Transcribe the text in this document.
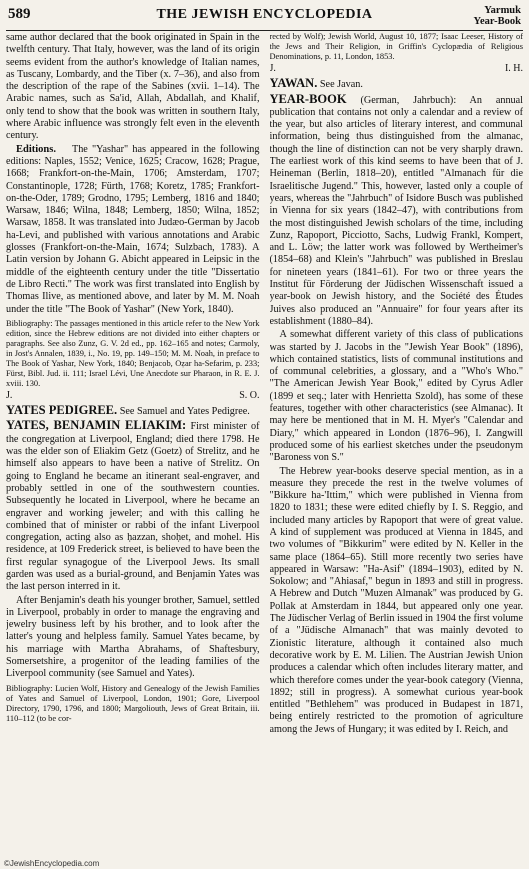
589	THE JEWISH ENCYCLOPEDIA	Yarmuk
Year-Book

same author declared that the book originated in Spain in the twelfth century. That Italy, however, was the land of its origin seems evident from the author's knowledge of Italian names, as Tuscany, Lombardy, and the Tiber (x. 7–36), and also from the description of the rape of the Sabines (xvii. 1–14). The Arabic names, such as Sa'id, Allah, Abdallah, and Khalif, only tend to show that the book was written in southern Italy, where Arabic influence was strongly felt even in the eleventh century.

Editions. The "Yashar" has appeared in the following editions: Naples, 1552; Venice, 1625; Cracow, 1628; Prague, 1668; Frankfort-on-the-Main, 1706; Amsterdam, 1707; Constantinople, 1728; Fürth, 1768; Koretz, 1785; Frankfort-on-the-Oder, 1789; Grodno, 1795; Lemberg, 1816 and 1840; Warsaw, 1846; Wilna, 1848; Lemberg, 1850; Wilna, 1852; Warsaw, 1858. It was translated into Judæo-German by Jacob ha-Levi, and published with various annotations and Arabic glosses (Frankfort-on-the-Main, 1674; Sulzbach, 1783). A Latin version by Johann G. Abicht appeared in Leipsic in the middle of the eighteenth century under the title "Dissertatio de Libro Recti." The work was first translated into English by Thomas Ilive, as mentioned above, and later by M. M. Noah under the title "The Book of Yashar" (New York, 1840).

Bibliography: The passages mentioned in this article refer to the New York edition, since the Hebrew editions are not divided into either chapters or paragraphs. See also Zunz, G. V. 2d ed., pp. 162–165 and notes; Carmoly, in Jost's Annalen, 1839, i., No. 19, pp. 149–150; M. M. Noah, in preface to The Book of Yashar, New York, 1840; Benjacob, Oẓar ha-Sefarim, p. 233; Fürst, Bibl. Jud. ii. 111; Israel Lévi, Une Anecdote sur Pharaon, in R. E. J. xviii. 130.

J.	S. O.

YATES PEDIGREE. See Samuel and Yates Pedigree.

YATES, BENJAMIN ELIAKIM: First minister of the congregation at Liverpool, England; died there 1798. He was the elder son of Eliakim Getz (Goetz) of Strelitz, and he himself also appears to have been a native of Strelitz. On going to England he became an itinerant seal-engraver, and probably settled in one of the southwestern counties. Subsequently he located in Liverpool, where he became an engraver and working jeweler; and with this calling he combined that of minister or rabbi of the infant Liverpool congregation, acting also as ḥazzan, shoḥet, and mohel. His residence, at 109 Frederick street, is believed to have been the first regular synagogue of the Liverpool Jews. Its small garden was used as a burial-ground, and Benjamin Yates was the last person interred in it.

After Benjamin's death his younger brother, Samuel, settled in Liverpool, probably in order to manage the engraving and jewelry business left by his brother, and to look after the latter's young and helpless family. Samuel Yates became, by his marriage with Martha Abrahams, of Shaftesbury, Somersetshire, a progenitor of the leading families of the Liverpool community (see Samuel and Yates).

Bibliography: Lucien Wolf, History and Genealogy of the Jewish Families of Yates and Samuel of Liverpool, London, 1901; Gore, Liverpool Directory, 1790, 1796, and 1800; Margoliouth, Jews of Great Britain, iii. 110–112 (to be cor-

rected by Wolf); Jewish World, August 10, 1877; Isaac Leeser, History of the Jews and Their Religion, in Griffin's Cyclopædia of Religious Denominations, p. 11, London, 1853.

J.	I. H.

YAWAN. See Javan.

YEAR-BOOK (German, Jahrbuch): An annual publication that contains not only a calendar and a review of the year, but also articles of literary interest, and communal information, being thus distinguished from the almanac, though the line of distinction can not be very sharply drawn. The earliest work of this kind seems to have been that of J. Heineman (Berlin, 1818–20), entitled "Almanach für die Israelitische Jugend." This, however, lasted only a couple of years, whereas the "Jahrbuch" of Isidore Busch was published in Vienna for six years (1842–47), with contributions from the most distinguished Jewish scholars of the time, including Zunz, Rapoport, Picciotto, Sachs, Ludwig Frankl, Kompert, and L. Löw; the latter work was followed by Wertheimer's (1854–68) and Klein's "Jahrbuch" was published in Breslau for nineteen years (1841–61). For two or three years the Institut für Förderung der Jüdischen Wissenschaft issued a year-book on Jewish history, and the Société des Études Juives also produced an "Annuaire" for four years after its establishment (1880–84).

A somewhat different variety of this class of publications was started by J. Jacobs in the "Jewish Year Book" (1896), which contained statistics, lists of communal institutions and of communal celebrities, a glossary, and a "Who's Who." "The American Jewish Year Book," edited by Cyrus Adler (1899 et seq.; later with Henrietta Szold), has some of these features, together with other characteristics (see Almanac). It may here be mentioned that in M. H. Myer's "Calendar and Diary," which appeared in London (1876–96), I. Zangwill produced some of his earliest sketches under the pseudonym "Baroness von S."

The Hebrew year-books deserve special mention, as in a measure they precede the rest in the twelve volumes of "Bikkure ha-'Ittim," which were published in Vienna from 1820 to 1831; these were edited chiefly by I. S. Reggio, and included many articles by Rapoport that were of great value. A kind of supplement was produced at Vienna in 1845, and two volumes of "Bikkurim" were edited by N. Keller in the same place (1864–65). Still more recently two series have appeared in Warsaw: "Ha-Asif" (1894–1903), edited by N. Sokolow; and "Ahiasaf," begun in 1893 and still in progress. A Hebrew and Dutch "Muzen Almanak" was produced by G. Pollak at Amsterdam in 1844, but appeared only one year. The Jüdischer Verlag of Berlin issued in 1904 the first volume of a "Jüdische Almanach" that was mainly devoted to Zionistic literature, although it contained also much decorative work by E. M. Lilien. The Austrian Jewish Union produces a calendar which often includes literary matter, and which therefore comes under the year-book category (Vienna, 1892; still in progress). A somewhat curious year-book entitled "Bethlehem" was produced in Budapest in 1871, being entirely restricted to the promotion of agriculture among the Jews of Hungary; it was edited by I. Reich, and

©JewishEncyclopedia.com
